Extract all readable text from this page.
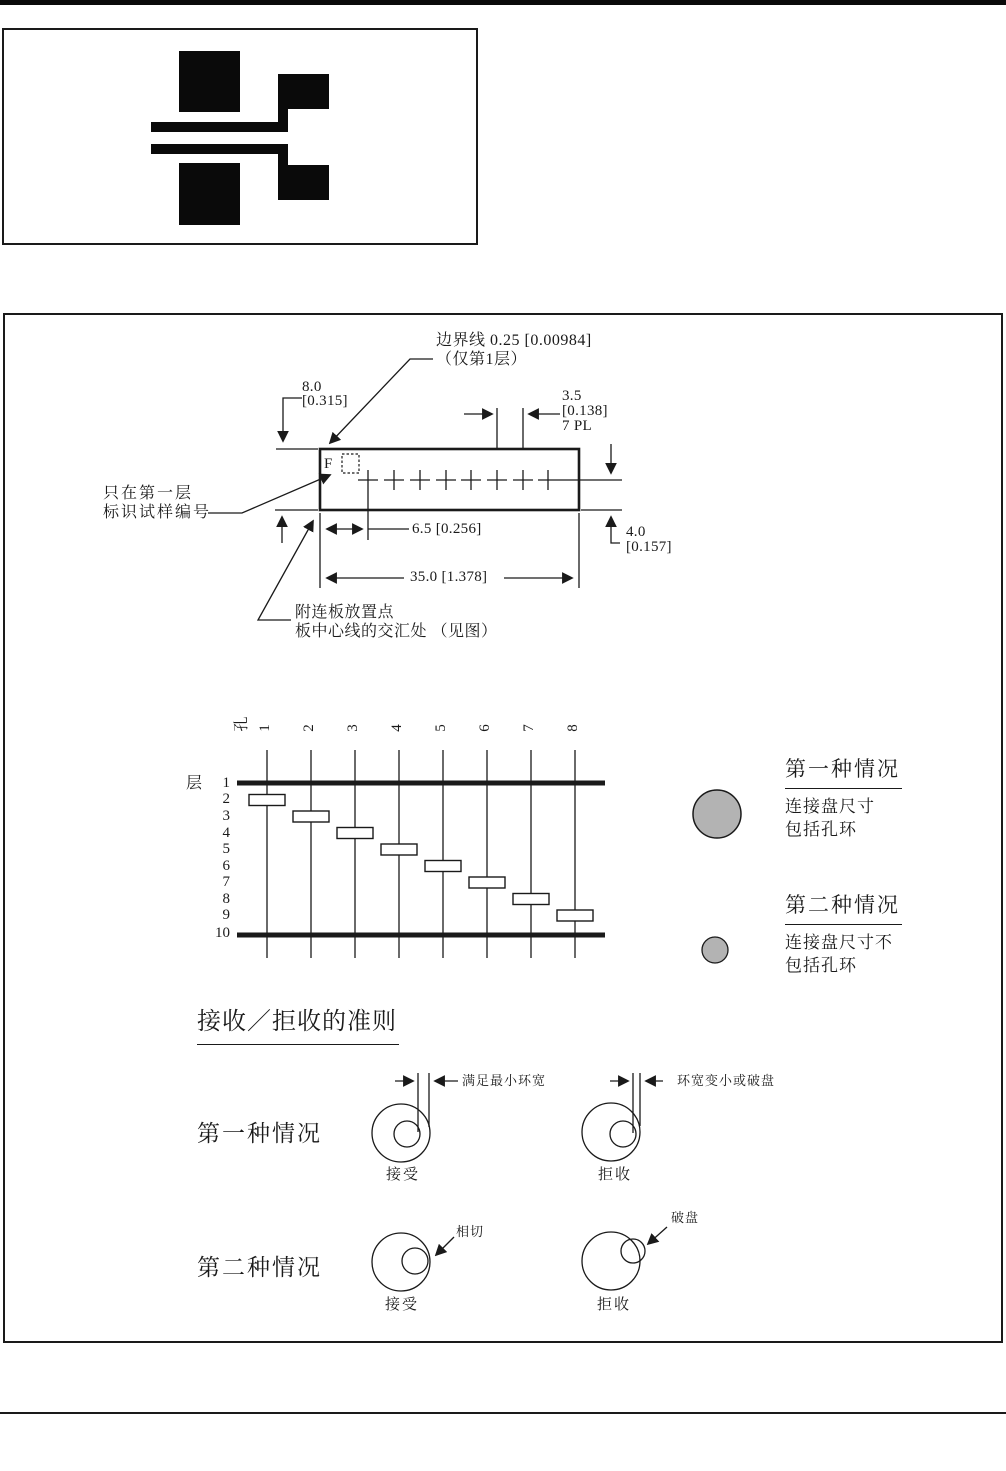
边界线 0.25 [0.00984]
（仅第1层）
8.0
[0.315]	3.5
[0.138]
7 PL
F
只在第一层
标识试样编号
6.5 [0.256]	4.0
[0.157]
35.0 [1.378]
附连板放置点
板中心线的交汇处 （见图）
孔 1 2 3 4 5 6 7 8
层	1
2
3
4
5
6
7
8
9
10
第一种情况
连接盘尺寸
包括孔环
第二种情况
连接盘尺寸不
包括孔环
接收／拒收的准则
第一种情况
满足最小环宽
接受
环宽变小或破盘
拒收
第二种情况
相切
接受
破盘
拒收
